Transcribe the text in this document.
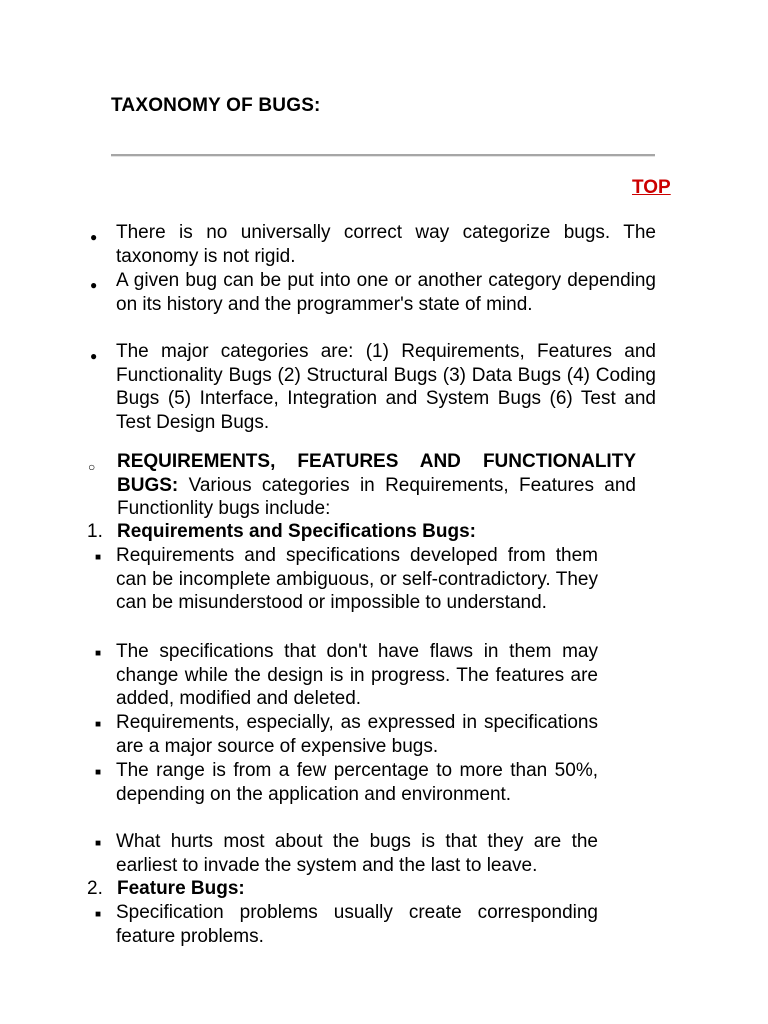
TAXONOMY OF BUGS:
TOP
● There is no universally correct way categorize bugs. The taxonomy is not rigid.
● A given bug can be put into one or another category depending on its history and the programmer's state of mind.
● The major categories are: (1) Requirements, Features and Functionality Bugs (2) Structural Bugs (3) Data Bugs (4) Coding Bugs (5) Interface, Integration and System Bugs (6) Test and Test Design Bugs.
○ REQUIREMENTS, FEATURES AND FUNCTIONALITY BUGS: Various categories in Requirements, Features and Functionlity bugs include:
1. Requirements and Specifications Bugs:
■ Requirements and specifications developed from them can be incomplete ambiguous, or self-contradictory. They can be misunderstood or impossible to understand.
■ The specifications that don't have flaws in them may change while the design is in progress. The features are added, modified and deleted.
■ Requirements, especially, as expressed in specifications are a major source of expensive bugs.
■ The range is from a few percentage to more than 50%, depending on the application and environment.
■ What hurts most about the bugs is that they are the earliest to invade the system and the last to leave.
2. Feature Bugs:
■ Specification problems usually create corresponding feature problems.
